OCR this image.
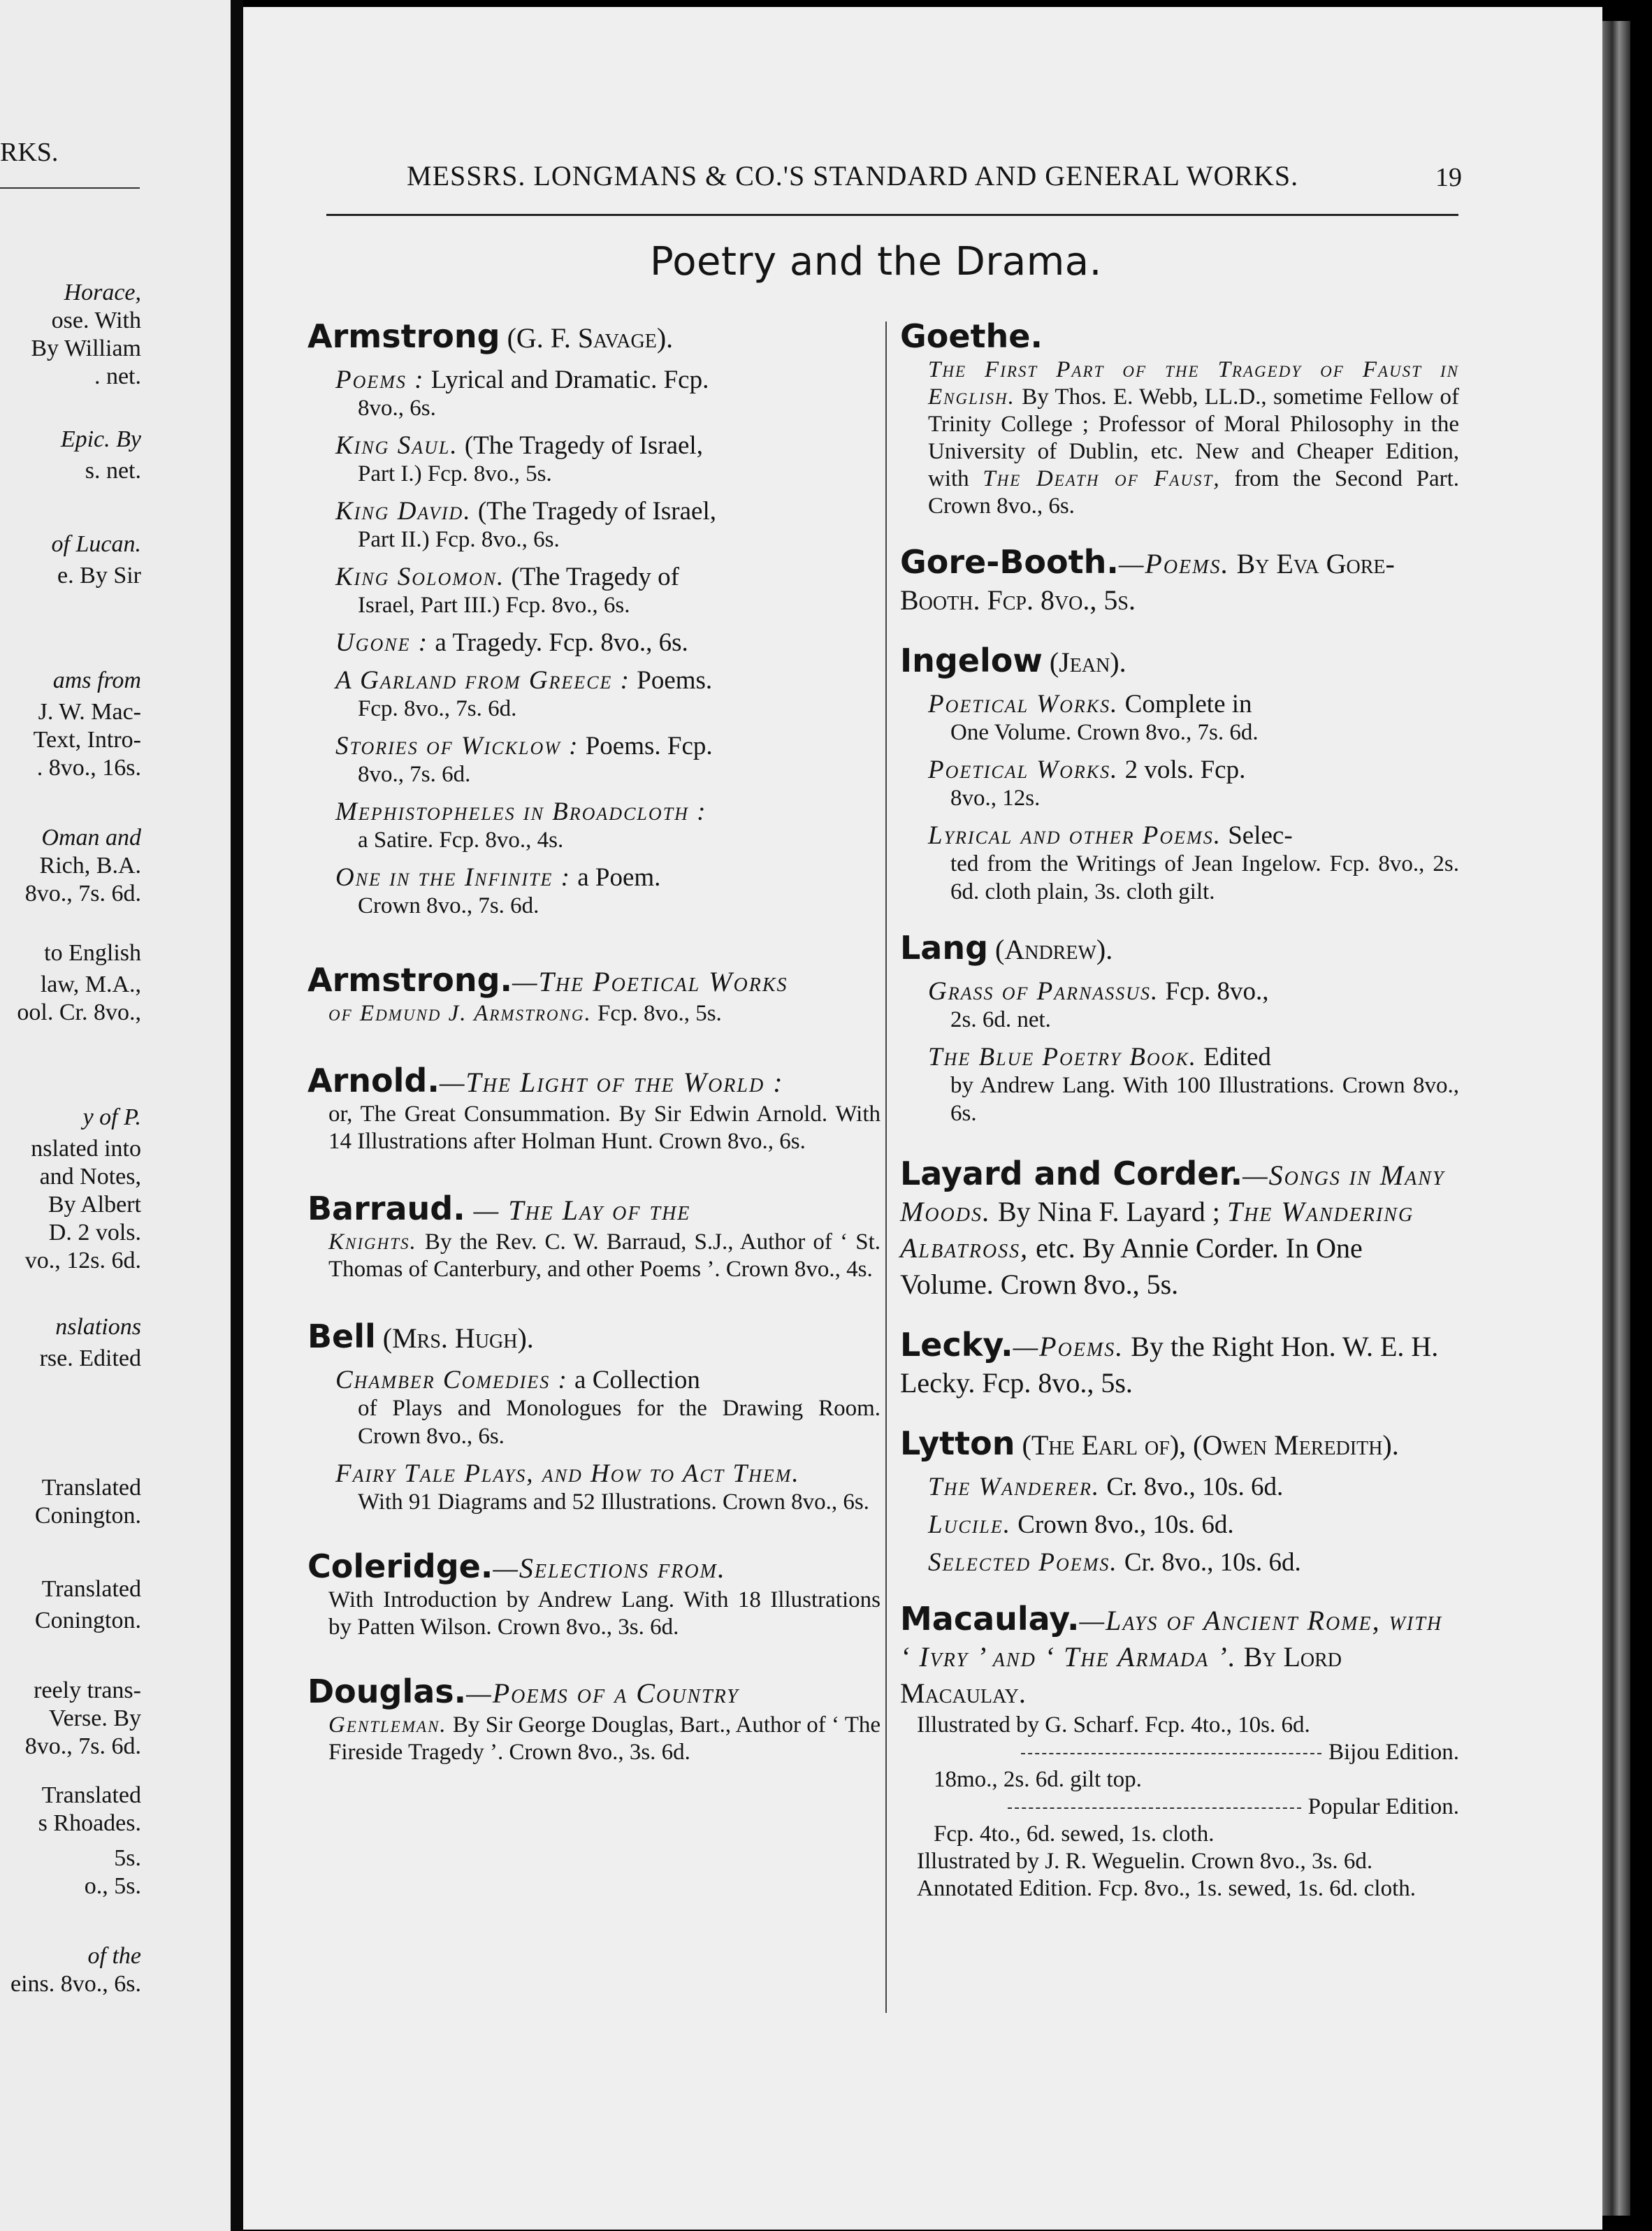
RKS.
Horace,
ose. With
By William
. net.
Epic. By
s. net.
of Lucan.
e. By Sir
ams from
J. W. Mac-
Text, Intro-
. 8vo., 16s.
Oman and
Rich, B.A.
8vo., 7s. 6d.
to English
law, M.A.,
ool. Cr. 8vo.,
y of P.
nslated into
and Notes,
By Albert
D. 2 vols.
vo., 12s. 6d.
nslations
rse. Edited
Translated
Conington.
Translated
Conington.
reely trans-
Verse. By
8vo., 7s. 6d.
Translated
s Rhoades.
5s.
o., 5s.
of the
eins. 8vo., 6s.
MESSRS. LONGMANS & CO.'S STANDARD AND GENERAL WORKS.	19
Poetry and the Drama.
Armstrong (G. F. Savage).
Poems : Lyrical and Dramatic. Fcp.
8vo., 6s.
King Saul. (The Tragedy of Israel,
Part I.) Fcp. 8vo., 5s.
King David. (The Tragedy of Israel,
Part II.) Fcp. 8vo., 6s.
King Solomon. (The Tragedy of
Israel, Part III.) Fcp. 8vo., 6s.
Ugone : a Tragedy. Fcp. 8vo., 6s.
A Garland from Greece : Poems.
Fcp. 8vo., 7s. 6d.
Stories of Wicklow : Poems. Fcp.
8vo., 7s. 6d.
Mephistopheles in Broadcloth :
a Satire. Fcp. 8vo., 4s.
One in the Infinite : a Poem.
Crown 8vo., 7s. 6d.
Armstrong.—The Poetical Works
of Edmund J. Armstrong. Fcp. 8vo., 5s.
Arnold.—The Light of the World :
or, The Great Consummation. By Sir Edwin Arnold. With 14 Illustrations after Holman Hunt. Crown 8vo., 6s.
Barraud. — The Lay of the
Knights. By the Rev. C. W. Barraud, S.J., Author of ‘ St. Thomas of Canterbury, and other Poems ’. Crown 8vo., 4s.
Bell (Mrs. Hugh).
Chamber Comedies : a Collection
of Plays and Monologues for the Drawing Room. Crown 8vo., 6s.
Fairy Tale Plays, and How to Act Them.
With 91 Diagrams and 52 Illustrations. Crown 8vo., 6s.
Coleridge.—Selections from.
With Introduction by Andrew Lang. With 18 Illustrations by Patten Wilson. Crown 8vo., 3s. 6d.
Douglas.—Poems of a Country
Gentleman. By Sir George Douglas, Bart., Author of ‘ The Fireside Tragedy ’. Crown 8vo., 3s. 6d.
Goethe.
The First Part of the Tragedy of Faust in English. By Thos. E. Webb, LL.D., sometime Fellow of Trinity College ; Professor of Moral Philosophy in the University of Dublin, etc. New and Cheaper Edition, with The Death of Faust, from the Second Part. Crown 8vo., 6s.
Gore-Booth.—Poems. By Eva Gore-Booth. Fcp. 8vo., 5s.
Ingelow (Jean).
Poetical Works. Complete in
One Volume. Crown 8vo., 7s. 6d.
Poetical Works. 2 vols. Fcp.
8vo., 12s.
Lyrical and other Poems. Selec-
ted from the Writings of Jean Ingelow. Fcp. 8vo., 2s. 6d. cloth plain, 3s. cloth gilt.
Lang (Andrew).
Grass of Parnassus. Fcp. 8vo.,
2s. 6d. net.
The Blue Poetry Book. Edited
by Andrew Lang. With 100 Illustrations. Crown 8vo., 6s.
Layard and Corder.—Songs in Many Moods. By Nina F. Layard ; The Wandering Albatross, etc. By Annie Corder. In One Volume. Crown 8vo., 5s.
Lecky.—Poems. By the Right Hon. W. E. H. Lecky. Fcp. 8vo., 5s.
Lytton (The Earl of), (Owen Meredith).
The Wanderer. Cr. 8vo., 10s. 6d.
Lucile. Crown 8vo., 10s. 6d.
Selected Poems. Cr. 8vo., 10s. 6d.
Macaulay.—Lays of Ancient Rome, with ‘ Ivry ’ and ‘ The Armada ’. By Lord Macaulay.
Illustrated by G. Scharf. Fcp. 4to., 10s. 6d.
Bijou Edition.
18mo., 2s. 6d. gilt top.
Popular Edition.
Fcp. 4to., 6d. sewed, 1s. cloth.
Illustrated by J. R. Weguelin. Crown 8vo., 3s. 6d.
Annotated Edition. Fcp. 8vo., 1s. sewed, 1s. 6d. cloth.
